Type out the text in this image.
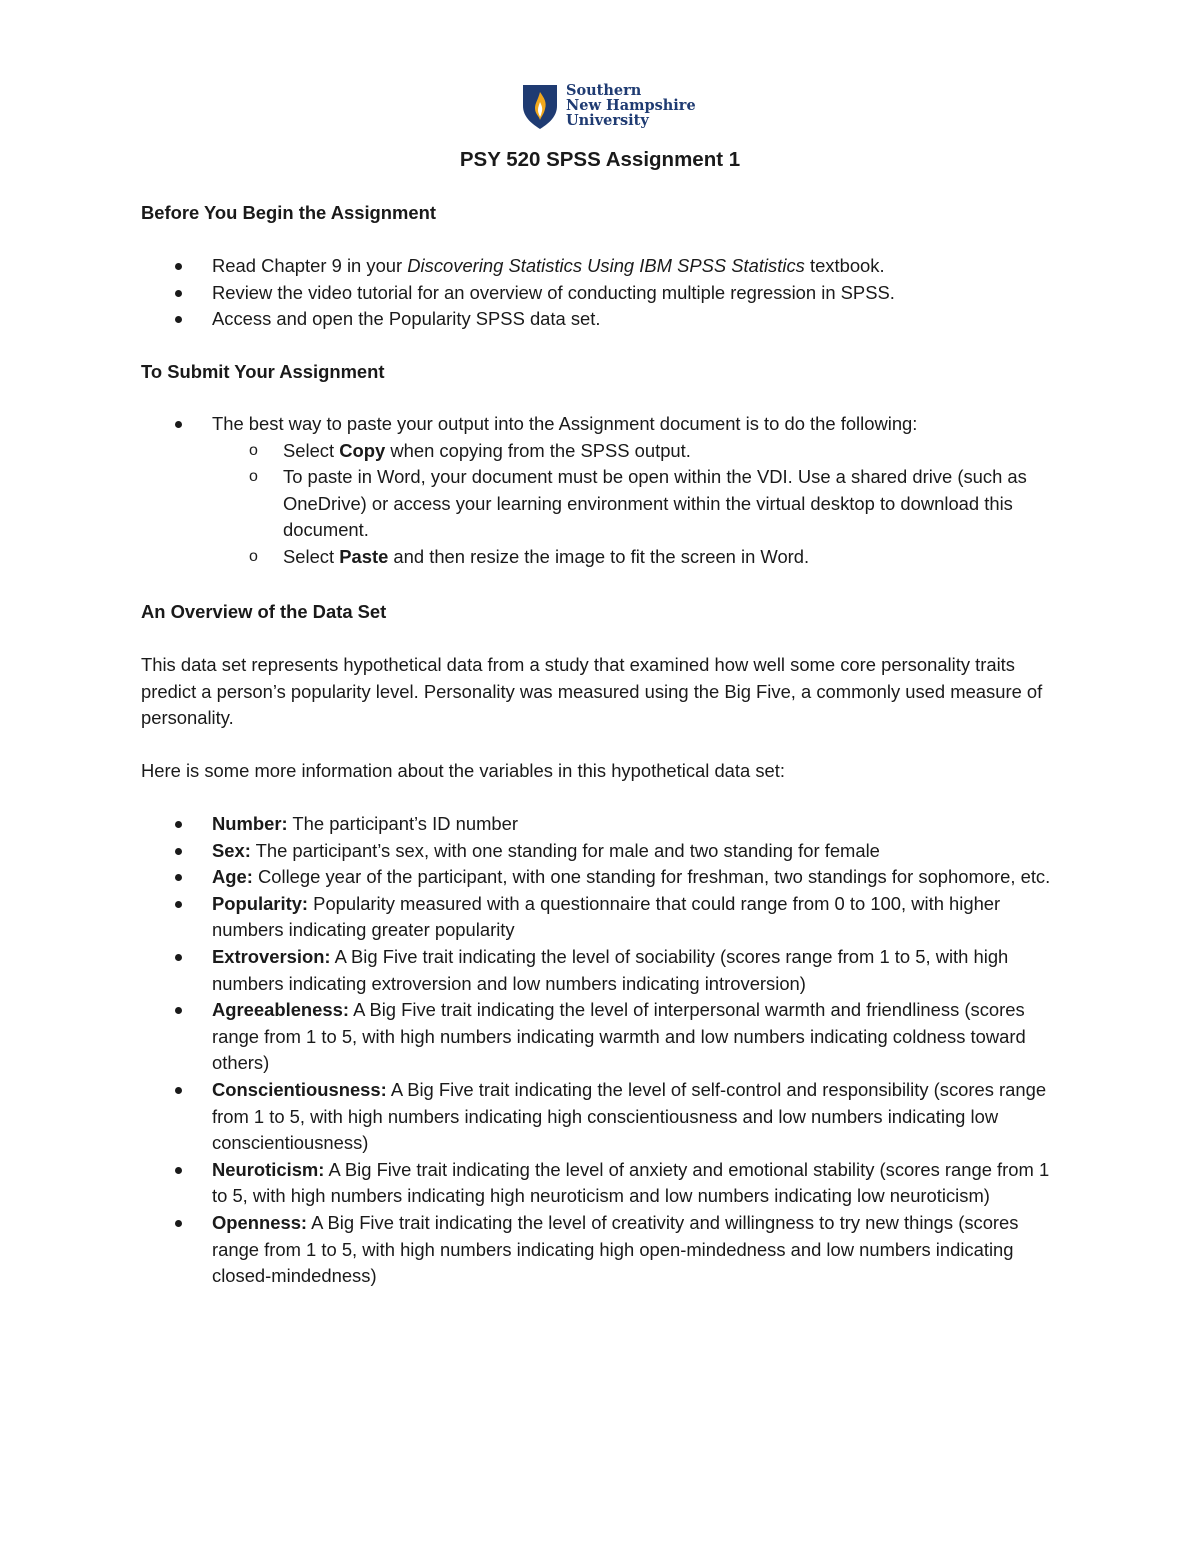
Southern
New Hampshire
University
PSY 520 SPSS Assignment 1
Before You Begin the Assignment
Read Chapter 9 in your Discovering Statistics Using IBM SPSS Statistics textbook.
Review the video tutorial for an overview of conducting multiple regression in SPSS.
Access and open the Popularity SPSS data set.
To Submit Your Assignment
The best way to paste your output into the Assignment document is to do the following:
o Select Copy when copying from the SPSS output.
o To paste in Word, your document must be open within the VDI. Use a shared drive (such as OneDrive) or access your learning environment within the virtual desktop to download this document.
o Select Paste and then resize the image to fit the screen in Word.
An Overview of the Data Set
This data set represents hypothetical data from a study that examined how well some core personality traits predict a person’s popularity level. Personality was measured using the Big Five, a commonly used measure of personality.
Here is some more information about the variables in this hypothetical data set:
Number: The participant’s ID number
Sex: The participant’s sex, with one standing for male and two standing for female
Age: College year of the participant, with one standing for freshman, two standings for sophomore, etc.
Popularity: Popularity measured with a questionnaire that could range from 0 to 100, with higher numbers indicating greater popularity
Extroversion: A Big Five trait indicating the level of sociability (scores range from 1 to 5, with high numbers indicating extroversion and low numbers indicating introversion)
Agreeableness: A Big Five trait indicating the level of interpersonal warmth and friendliness (scores range from 1 to 5, with high numbers indicating warmth and low numbers indicating coldness toward others)
Conscientiousness: A Big Five trait indicating the level of self-control and responsibility (scores range from 1 to 5, with high numbers indicating high conscientiousness and low numbers indicating low conscientiousness)
Neuroticism: A Big Five trait indicating the level of anxiety and emotional stability (scores range from 1 to 5, with high numbers indicating high neuroticism and low numbers indicating low neuroticism)
Openness: A Big Five trait indicating the level of creativity and willingness to try new things (scores range from 1 to 5, with high numbers indicating high open-mindedness and low numbers indicating closed-mindedness)
